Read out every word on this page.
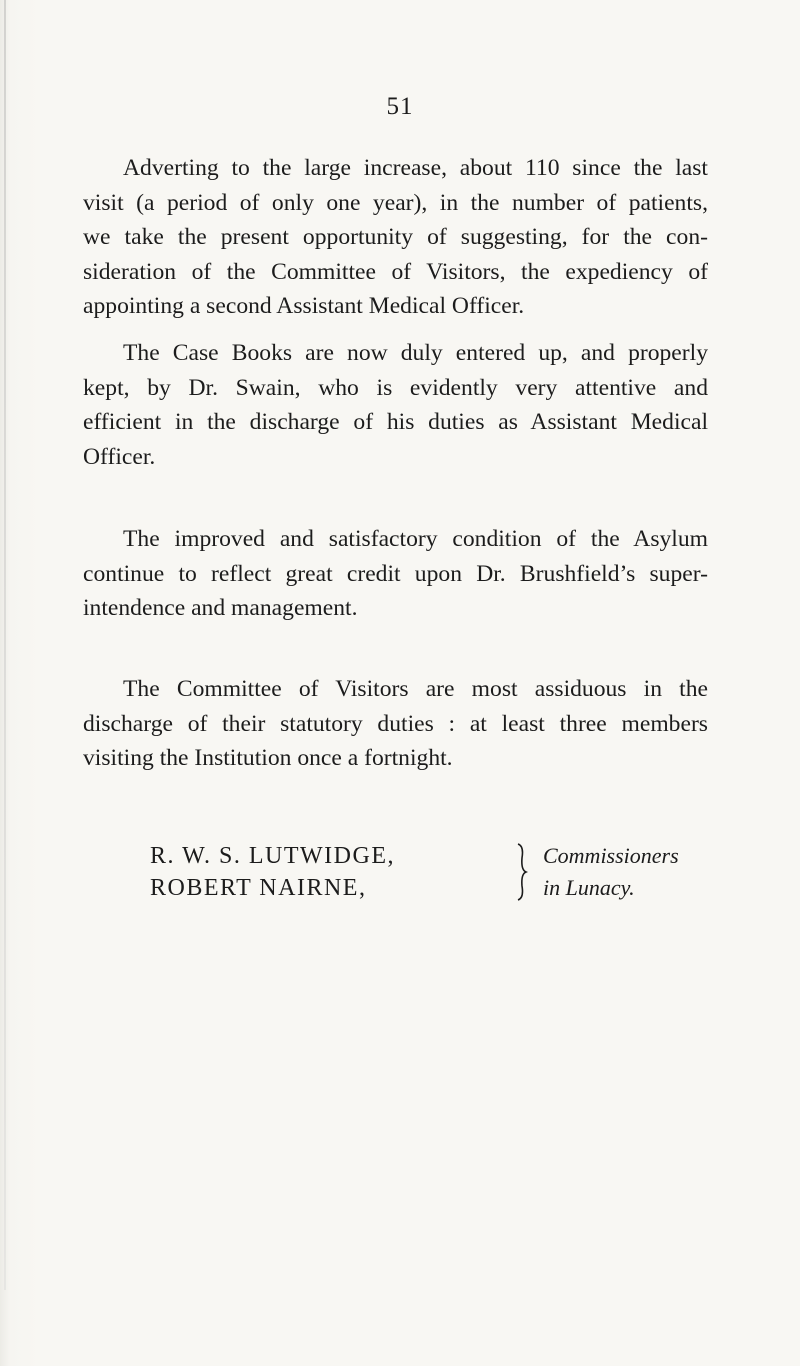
51
Adverting to the large increase, about 110 since the last
visit (a period of only one year), in the number of patients,
we take the present opportunity of suggesting, for the con-
sideration of the Committee of Visitors, the expediency of
appointing a second Assistant Medical Officer.
The Case Books are now duly entered up, and properly
kept, by Dr. Swain, who is evidently very attentive and
efficient in the discharge of his duties as Assistant Medical
Officer.
The improved and satisfactory condition of the Asylum
continue to reflect great credit upon Dr. Brushfield’s super-
intendence and management.
The Committee of Visitors are most assiduous in the
discharge of their statutory duties : at least three members
visiting the Institution once a fortnight.
R. W. S. LUTWIDGE,
ROBERT NAIRNE,
Commissioners
in Lunacy.
